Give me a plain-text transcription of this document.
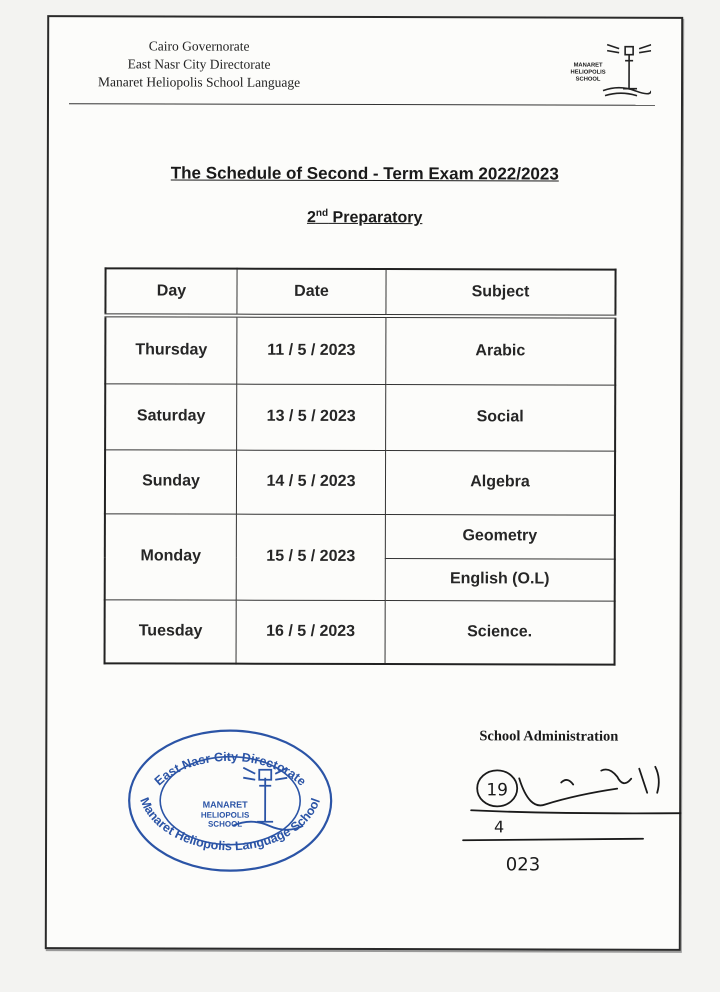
Cairo Governorate
East Nasr City Directorate
Manaret Heliopolis School Language
MANARET
HELIOPOLIS
SCHOOL
The Schedule of Second - Term Exam 2022/2023
2nd Preparatory
Day	Date	Subject
Thursday	11 / 5 / 2023	Arabic
Saturday	13 / 5 / 2023	Social
Sunday	14 / 5 / 2023	Algebra
Monday	15 / 5 / 2023	Geometry
		English (O.L)
Tuesday	16 / 5 / 2023	Science.
East Nasr City Directorate
Manaret Heliopolis Language School
MANARET
HELIOPOLIS
SCHOOL
School Administration
19
4
023
